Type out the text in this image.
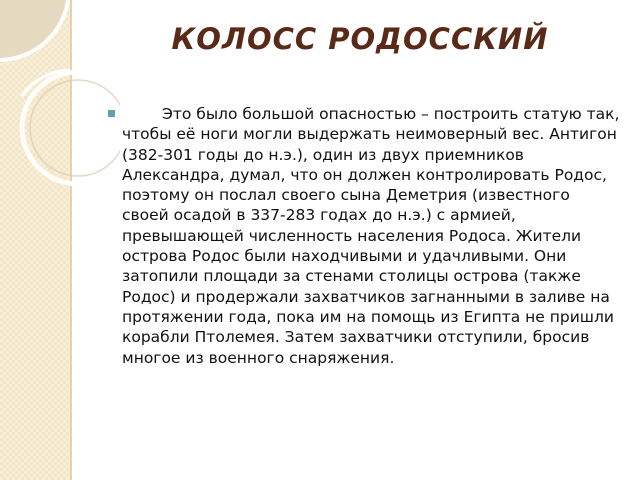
КОЛОСС РОДОССКИЙ

Это было большой опасностью – построить статую так, чтобы её ноги могли выдержать неимоверный вес. Антигон (382-301 годы до н.э.), один из двух приемников Александра, думал, что он должен контролировать Родос, поэтому он послал своего сына Деметрия (известного своей осадой в 337-283 годах до н.э.) с армией, превышающей численность населения Родоса. Жители острова Родос были находчивыми и удачливыми. Они затопили площади за стенами столицы острова (также Родос) и продержали захватчиков загнанными в заливе на протяжении года, пока им на помощь из Египта не пришли корабли Птолемея. Затем захватчики отступили, бросив многое из военного снаряжения.
